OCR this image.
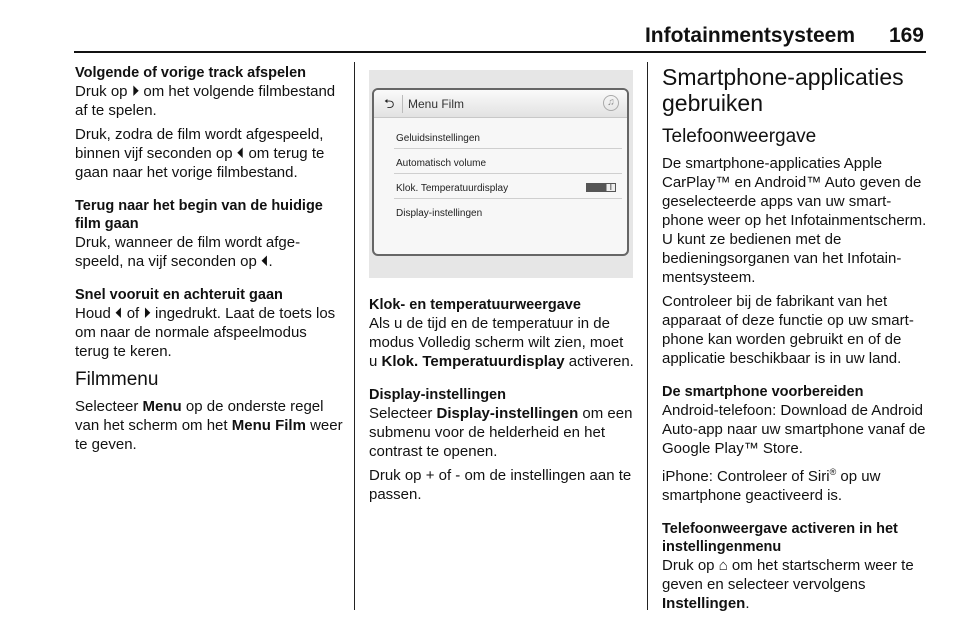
Infotainmentsysteem 169
Volgende of vorige track afspelen
Druk op ⏵ om het volgende filmbestand af te spelen.
Druk, zodra de film wordt afgespeeld, binnen vijf seconden op ⏴ om terug te gaan naar het vorige filmbestand.
Terug naar het begin van de huidige film gaan
Druk, wanneer de film wordt afgespeeld, na vijf seconden op ⏴.
Snel vooruit en achteruit gaan
Houd ⏴ of ⏵ ingedrukt. Laat de toets los om naar de normale afspeelmodus terug te keren.
Filmmenu
Selecteer Menu op de onderste regel van het scherm om het Menu Film weer te geven.
⮌ Menu Film	♫
Geluidsinstellingen
Automatisch volume
Klok. Temperatuurdisplay	I
Display-instellingen
Klok- en temperatuurweergave
Als u de tijd en de temperatuur in de modus Volledig scherm wilt zien, moet u Klok. Temperatuurdisplay activeren.
Display-instellingen
Selecteer Display-instellingen om een submenu voor de helderheid en het contrast te openen.
Druk op + of - om de instellingen aan te passen.
Smartphone-applicaties gebruiken
Telefoonweergave
De smartphone-applicaties Apple CarPlay™ en Android™ Auto geven de geselecteerde apps van uw smartphone weer op het Infotainmentscherm. U kunt ze bedienen met de bedieningsorganen van het Infotainmentsysteem.
Controleer bij de fabrikant van het apparaat of deze functie op uw smartphone kan worden gebruikt en of de applicatie beschikbaar is in uw land.
De smartphone voorbereiden
Android-telefoon: Download de Android Auto-app naar uw smartphone vanaf de Google Play™ Store.
iPhone: Controleer of Siri® op uw smartphone geactiveerd is.
Telefoonweergave activeren in het instellingenmenu
Druk op ⌂ om het startscherm weer te geven en selecteer vervolgens Instellingen.
